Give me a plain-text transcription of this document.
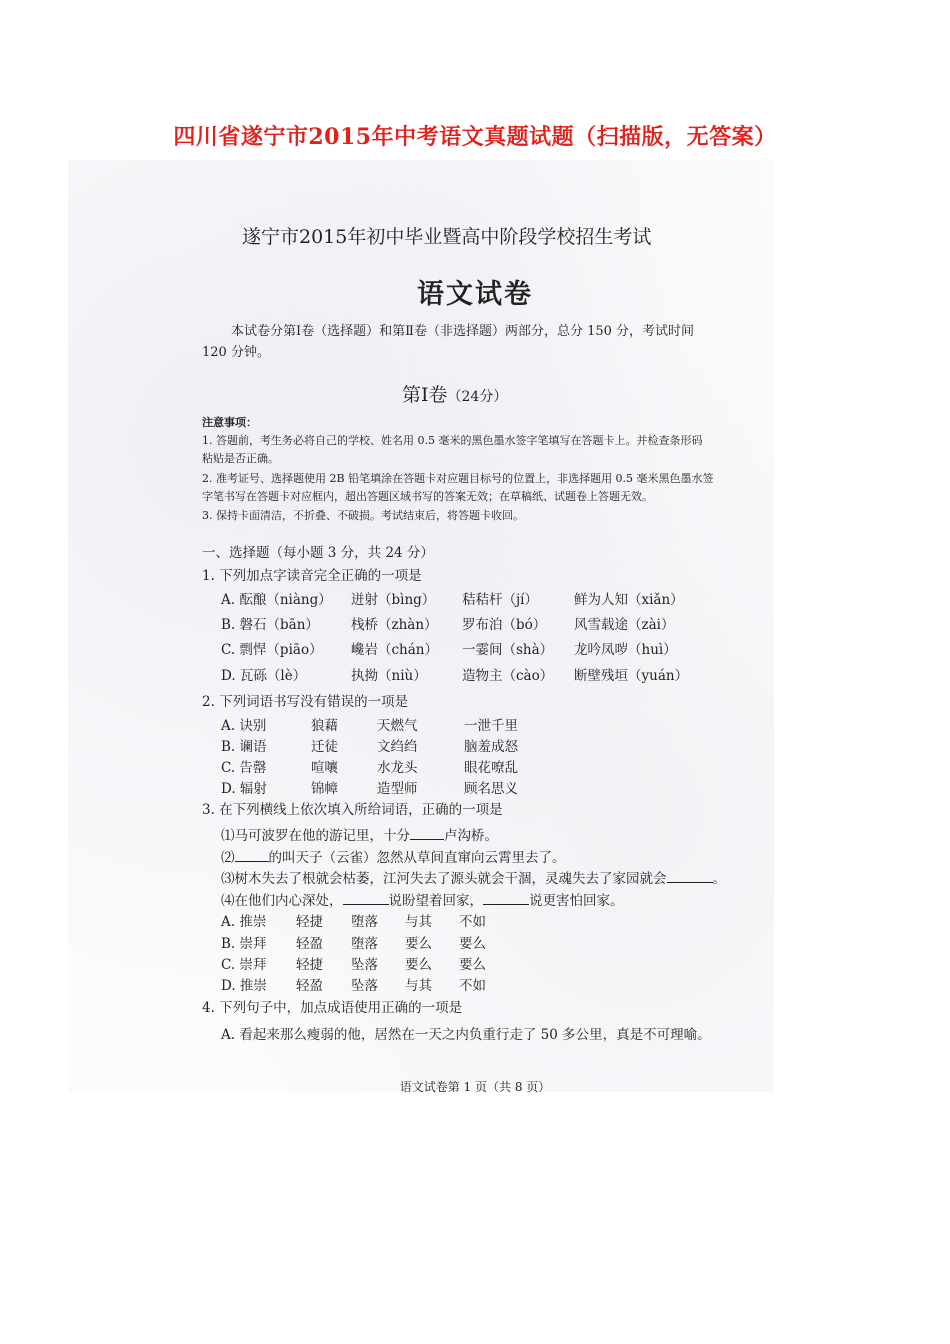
四川省遂宁市2015年中考语文真题试题（扫描版，无答案）
遂宁市2015年初中毕业暨高中阶段学校招生考试
语文试卷
本试卷分第Ⅰ卷（选择题）和第Ⅱ卷（非选择题）两部分，总分 150 分，考试时间
120 分钟。
第Ⅰ卷（24分）
注意事项：
1. 答题前，考生务必将自己的学校、姓名用 0.5 毫米的黑色墨水签字笔填写在答题卡上。并检查条形码
粘贴是否正确。
2. 准考证号、选择题使用 2B 铅笔填涂在答题卡对应题目标号的位置上，非选择题用 0.5 毫米黑色墨水签
字笔书写在答题卡对应框内，超出答题区域书写的答案无效；在草稿纸、试题卷上答题无效。
3. 保持卡面清洁，不折叠、不破损。考试结束后，将答题卡收回。
一、选择题（每小题 3 分，共 24 分）
1. 下列加点字读音完全正确的一项是
A. 酝酿（niàng） 迸射（bìng） 秸秸杆（jí）	鲜为人知（xiǎn）
B. 磐石（bān） 栈桥（zhàn） 罗布泊（bó） 风雪载途（zài）
C. 剽悍（piāo） 巉岩（chán） 一霎间（shà） 龙吟凤哕（huì）
D. 瓦砾（lè）	执拗（niù）	造物主（cào） 断壁残垣（yuán）
2. 下列词语书写没有错误的一项是
A. 诀别	狼藉	天燃气	一泄千里
B. 谰语	迁徒	文绉绉	脑羞成怒
C. 告罄	喧嚷	水龙头	眼花嘹乱
D. 辐射	锦幛	造型师	顾名思义
3. 在下列横线上依次填入所给词语，正确的一项是
⑴马可波罗在他的游记里，十分	卢沟桥。
⑵	的叫天子（云雀）忽然从草间直窜向云霄里去了。
⑶树木失去了根就会枯萎，江河失去了源头就会干涸，灵魂失去了家园就会	。
⑷在他们内心深处，	说盼望着回家，	说更害怕回家。
A. 推崇 轻捷 堕落 与其 不如
B. 崇拜 轻盈 堕落 要么 要么
C. 崇拜 轻捷 坠落 要么 要么
D. 推崇 轻盈 坠落 与其 不如
4. 下列句子中，加点成语使用正确的一项是
A. 看起来那么瘦弱的他，居然在一天之内负重行走了 50 多公里，真是不可理喻。
语文试卷第 1 页（共 8 页）
